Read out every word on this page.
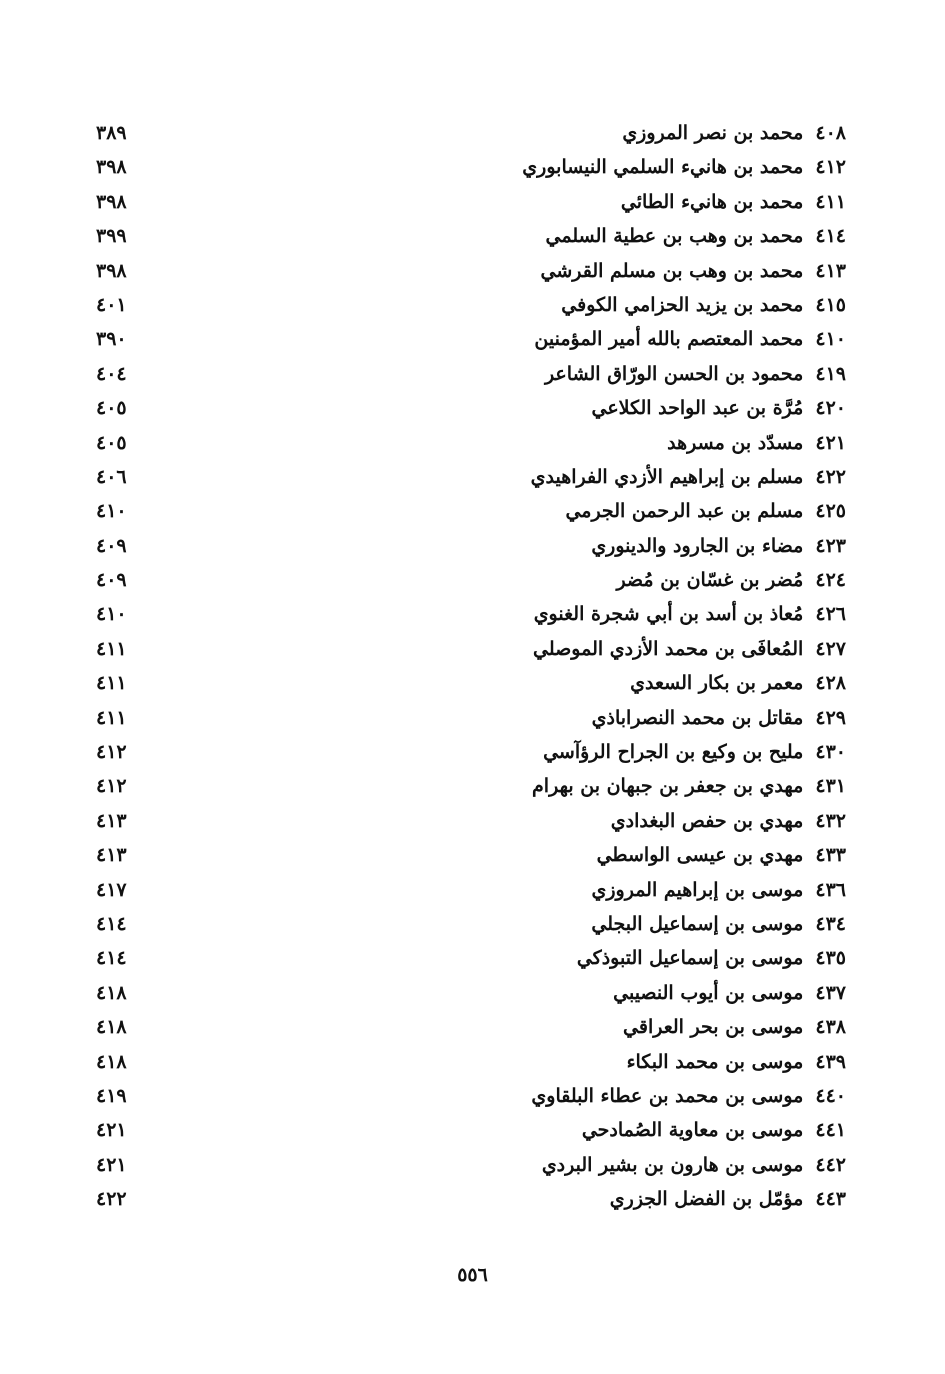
٤٠٨ محمد بن نصر المروزي
٣٨٩
٤١٢ محمد بن هانيء السلمي النيسابوري
٣٩٨
٤١١ محمد بن هانيء الطائي
٣٩٨
٤١٤ محمد بن وهب بن عطية السلمي
٣٩٩
٤١٣ محمد بن وهب بن مسلم القرشي
٣٩٨
٤١٥ محمد بن يزيد الحزامي الكوفي
٤٠١
٤١٠ محمد المعتصم بالله أمير المؤمنين
٣٩٠
٤١٩ محمود بن الحسن الورّاق الشاعر
٤٠٤
٤٢٠ مُرَّة بن عبد الواحد الكلاعي
٤٠٥
٤٢١ مسدّد بن مسرهد
٤٠٥
٤٢٢ مسلم بن إبراهيم الأزدي الفراهيدي
٤٠٦
٤٢٥ مسلم بن عبد الرحمن الجرمي
٤١٠
٤٢٣ مضاء بن الجارود والدينوري
٤٠٩
٤٢٤ مُضر بن غسّان بن مُضر
٤٠٩
٤٢٦ مُعاذ بن أسد بن أبي شجرة الغنوي
٤١٠
٤٢٧ المُعافَى بن محمد الأزدي الموصلي
٤١١
٤٢٨ معمر بن بكار السعدي
٤١١
٤٢٩ مقاتل بن محمد النصراباذي
٤١١
٤٣٠ مليح بن وكيع بن الجراح الرؤآسي
٤١٢
٤٣١ مهدي بن جعفر بن جبهان بن بهرام
٤١٢
٤٣٢ مهدي بن حفص البغدادي
٤١٣
٤٣٣ مهدي بن عيسى الواسطي
٤١٣
٤٣٦ موسى بن إبراهيم المروزي
٤١٧
٤٣٤ موسى بن إسماعيل البجلي
٤١٤
٤٣٥ موسى بن إسماعيل التبوذكي
٤١٤
٤٣٧ موسى بن أيوب النصيبي
٤١٨
٤٣٨ موسى بن بحر العراقي
٤١٨
٤٣٩ موسى بن محمد البكاء
٤١٨
٤٤٠ موسى بن محمد بن عطاء البلقاوي
٤١٩
٤٤١ موسى بن معاوية الصُمادحي
٤٢١
٤٤٢ موسى بن هارون بن بشير البردي
٤٢١
٤٤٣ مؤمّل بن الفضل الجزري
٤٢٢
٥٥٦
